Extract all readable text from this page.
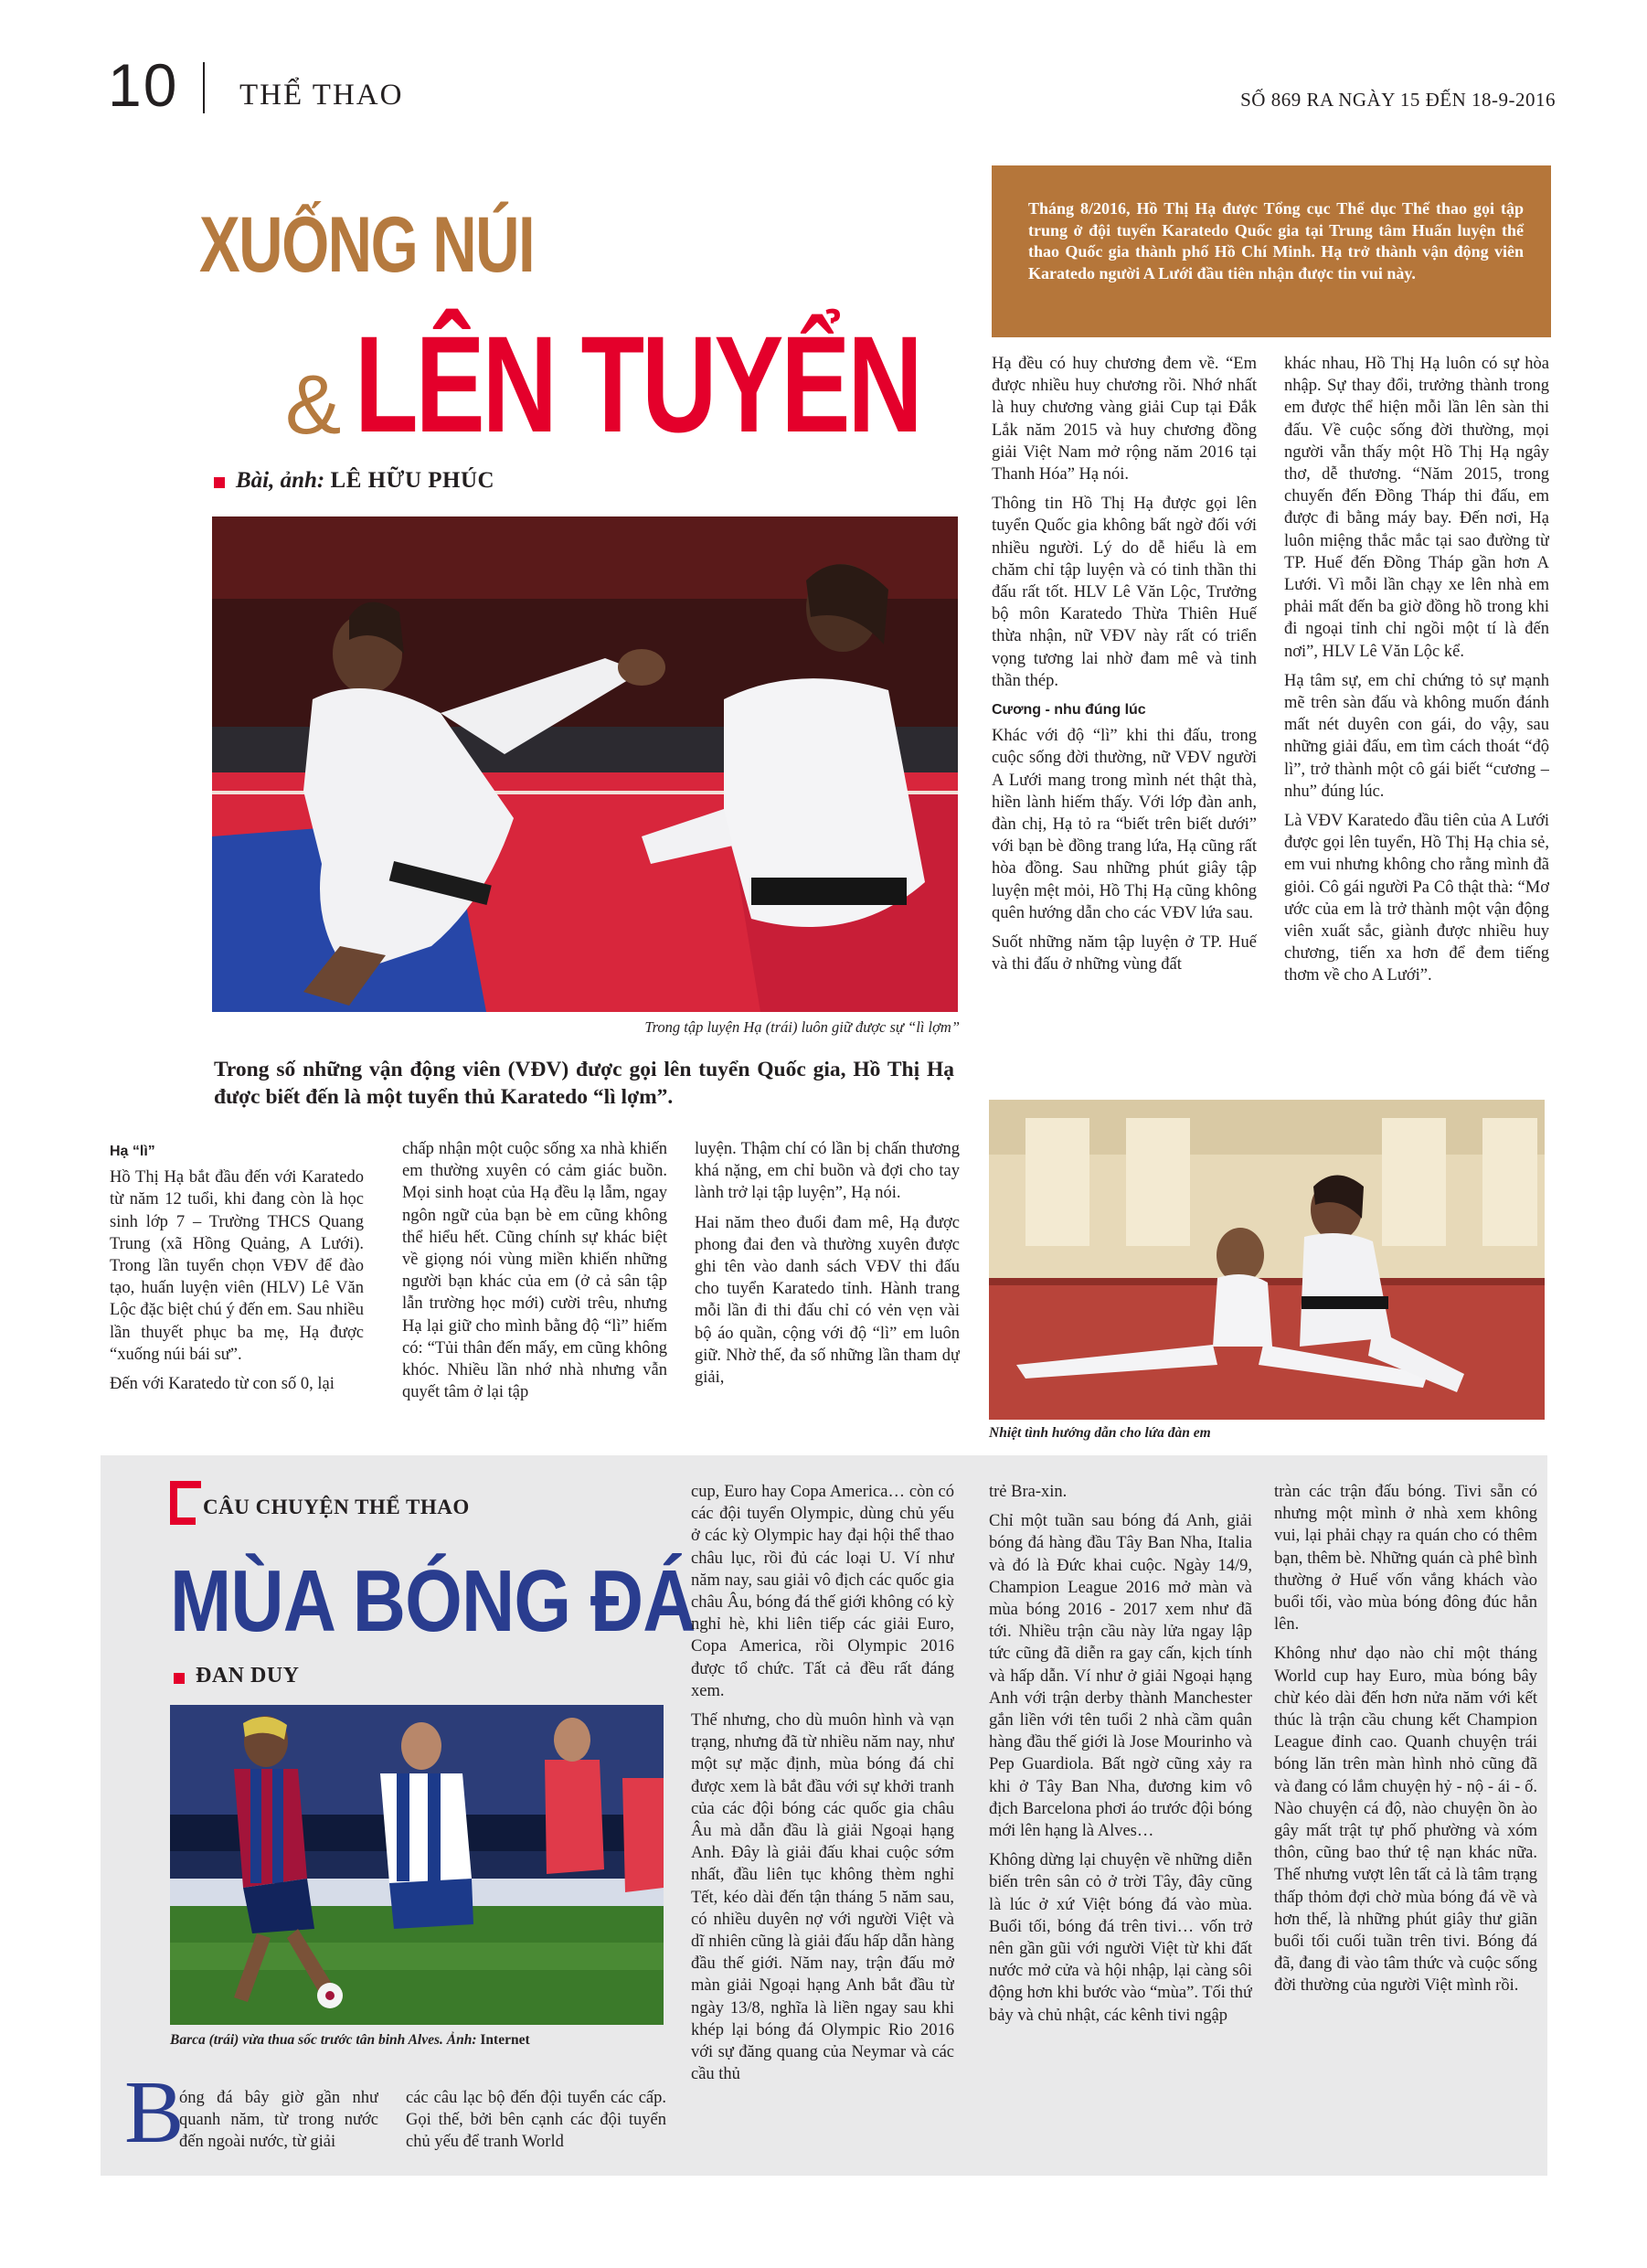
10 THỂ THAO	SỐ 869 RA NGÀY 15 ĐẾN 18-9-2016
XUỐNG NÚI
& LÊN TUYỂN
Bài, ảnh: LÊ HỮU PHÚC
Tháng 8/2016, Hồ Thị Hạ được Tổng cục Thể dục Thể thao gọi tập trung ở đội tuyển Karatedo Quốc gia tại Trung tâm Huấn luyện thể thao Quốc gia thành phố Hồ Chí Minh. Hạ trở thành vận động viên Karatedo người A Lưới đầu tiên nhận được tin vui này.
Trong tập luyện Hạ (trái) luôn giữ được sự “lì lợm”
Trong số những vận động viên (VĐV) được gọi lên tuyển Quốc gia, Hồ Thị Hạ được biết đến là một tuyển thủ Karatedo “lì lợm”.
Hạ “lì”

Hồ Thị Hạ bắt đầu đến với Karatedo từ năm 12 tuổi, khi đang còn là học sinh lớp 7 – Trường THCS Quang Trung (xã Hồng Quảng, A Lưới). Trong lần tuyển chọn VĐV để đào tạo, huấn luyện viên (HLV) Lê Văn Lộc đặc biệt chú ý đến em. Sau nhiều lần thuyết phục ba mẹ, Hạ được “xuống núi bái sư”.

Đến với Karatedo từ con số 0, lại

chấp nhận một cuộc sống xa nhà khiến em thường xuyên có cảm giác buồn. Mọi sinh hoạt của Hạ đều lạ lẫm, ngay ngôn ngữ của bạn bè em cũng không thể hiểu hết. Cũng chính sự khác biệt về giọng nói vùng miền khiến những người bạn khác của em (ở cả sân tập lẫn trường học mới) cười trêu, nhưng Hạ lại giữ cho mình bằng độ “lì” hiếm có: “Tủi thân đến mấy, em cũng không khóc. Nhiều lần nhớ nhà nhưng vẫn quyết tâm ở lại tập

luyện. Thậm chí có lần bị chấn thương khá nặng, em chỉ buồn và đợi cho tay lành trở lại tập luyện”, Hạ nói.

Hai năm theo đuổi đam mê, Hạ được phong đai đen và thường xuyên được ghi tên vào danh sách VĐV thi đấu cho tuyển Karatedo tỉnh. Hành trang mỗi lần đi thi đấu chỉ có vẻn vẹn vài bộ áo quần, cộng với độ “lì” em luôn giữ. Nhờ thế, đa số những lần tham dự giải,

Hạ đều có huy chương đem về. “Em được nhiều huy chương rồi. Nhớ nhất là huy chương vàng giải Cup tại Đắk Lắk năm 2015 và huy chương đồng giải Việt Nam mở rộng năm 2016 tại Thanh Hóa” Hạ nói.

Thông tin Hồ Thị Hạ được gọi lên tuyển Quốc gia không bất ngờ đối với nhiều người. Lý do dễ hiểu là em chăm chỉ tập luyện và có tinh thần thi đấu rất tốt. HLV Lê Văn Lộc, Trưởng bộ môn Karatedo Thừa Thiên Huế thừa nhận, nữ VĐV này rất có triển vọng tương lai nhờ đam mê và tinh thần thép.

Cương - nhu đúng lúc

Khác với độ “lì” khi thi đấu, trong cuộc sống đời thường, nữ VĐV người A Lưới mang trong mình nét thật thà, hiền lành hiếm thấy. Với lớp đàn anh, đàn chị, Hạ tỏ ra “biết trên biết dưới” với bạn bè đồng trang lứa, Hạ cũng rất hòa đồng. Sau những phút giây tập luyện mệt mỏi, Hồ Thị Hạ cũng không quên hướng dẫn cho các VĐV lứa sau.

Suốt những năm tập luyện ở TP. Huế và thi đấu ở những vùng đất

khác nhau, Hồ Thị Hạ luôn có sự hòa nhập. Sự thay đổi, trưởng thành trong em được thể hiện mỗi lần lên sàn thi đấu. Về cuộc sống đời thường, mọi người vẫn thấy một Hồ Thị Hạ ngây thơ, dễ thương. “Năm 2015, trong chuyến đến Đồng Tháp thi đấu, em được đi bằng máy bay. Đến nơi, Hạ luôn miệng thắc mắc tại sao đường từ TP. Huế đến Đồng Tháp gần hơn A Lưới. Vì mỗi lần chạy xe lên nhà em phải mất đến ba giờ đồng hồ trong khi đi ngoại tỉnh chỉ ngồi một tí là đến nơi”, HLV Lê Văn Lộc kể.

Hạ tâm sự, em chỉ chứng tỏ sự mạnh mẽ trên sàn đấu và không muốn đánh mất nét duyên con gái, do vậy, sau những giải đấu, em tìm cách thoát “độ lì”, trở thành một cô gái biết “cương – nhu” đúng lúc.

Là VĐV Karatedo đầu tiên của A Lưới được gọi lên tuyển, Hồ Thị Hạ chia sẻ, em vui nhưng không cho rằng mình đã giỏi. Cô gái người Pa Cô thật thà: “Mơ ước của em là trở thành một vận động viên xuất sắc, giành được nhiều huy chương, tiến xa hơn để đem tiếng thơm về cho A Lưới”.

Nhiệt tình hướng dẫn cho lứa đàn em
CÂU CHUYỆN THỂ THAO
MÙA BÓNG ĐÁ
ĐAN DUY
Barca (trái) vừa thua sốc trước tân binh Alves. Ảnh: Internet
B
óng đá bây giờ gần như quanh năm, từ trong nước đến ngoài nước, từ giải
các câu lạc bộ đến đội tuyển các cấp. Gọi thế, bởi bên cạnh các đội tuyển chủ yếu để tranh World

cup, Euro hay Copa America… còn có các đội tuyển Olympic, dùng chủ yếu ở các kỳ Olympic hay đại hội thể thao châu lục, rồi đủ các loại U. Ví như năm nay, sau giải vô địch các quốc gia châu Âu, bóng đá thế giới không có kỳ nghỉ hè, khi liên tiếp các giải Euro, Copa America, rồi Olympic 2016 được tổ chức. Tất cả đều rất đáng xem.

Thế nhưng, cho dù muôn hình và vạn trạng, nhưng đã từ nhiều năm nay, như một sự mặc định, mùa bóng đá chỉ được xem là bắt đầu với sự khởi tranh của các đội bóng các quốc gia châu Âu mà dẫn đầu là giải Ngoại hạng Anh. Đây là giải đấu khai cuộc sớm nhất, đầu liên tục không thèm nghỉ Tết, kéo dài đến tận tháng 5 năm sau, có nhiều duyên nợ với người Việt và dĩ nhiên cũng là giải đấu hấp dẫn hàng đầu thế giới. Năm nay, trận đấu mở màn giải Ngoại hạng Anh bắt đầu từ ngày 13/8, nghĩa là liền ngay sau khi khép lại bóng đá Olympic Rio 2016 với sự đăng quang của Neymar và các cầu thủ

trẻ Bra-xin.

Chỉ một tuần sau bóng đá Anh, giải bóng đá hàng đầu Tây Ban Nha, Italia và đó là Đức khai cuộc. Ngày 14/9, Champion League 2016 mở màn và mùa bóng 2016 - 2017 xem như đã tới. Nhiều trận cầu này lửa ngay lập tức cũng đã diễn ra gay cấn, kịch tính và hấp dẫn. Ví như ở giải Ngoại hạng Anh với trận derby thành Manchester gắn liền với tên tuổi 2 nhà cầm quân hàng đầu thế giới là Jose Mourinho và Pep Guardiola. Bất ngờ cũng xảy ra khi ở Tây Ban Nha, đương kim vô địch Barcelona phơi áo trước đội bóng mới lên hạng là Alves…

Không dừng lại chuyện về những diễn biến trên sân cỏ ở trời Tây, đây cũng là lúc ở xứ Việt bóng đá vào mùa. Buổi tối, bóng đá trên tivi… vốn trở nên gần gũi với người Việt từ khi đất nước mở cửa và hội nhập, lại càng sôi động hơn khi bước vào “mùa”. Tối thứ bảy và chủ nhật, các kênh tivi ngập

tràn các trận đấu bóng. Tivi sẵn có nhưng một mình ở nhà xem không vui, lại phải chạy ra quán cho có thêm bạn, thêm bè. Những quán cà phê bình thường ở Huế vốn vắng khách vào buổi tối, vào mùa bóng đông đúc hẳn lên.

Không như dạo nào chỉ một tháng World cup hay Euro, mùa bóng bây chừ kéo dài đến hơn nửa năm với kết thúc là trận cầu chung kết Champion League đỉnh cao. Quanh chuyện trái bóng lăn trên màn hình nhỏ cũng đã và đang có lắm chuyện hỷ - nộ - ái - ố. Nào chuyện cá độ, nào chuyện ồn ào gây mất trật tự phố phường và xóm thôn, cũng bao thứ tệ nạn khác nữa. Thế nhưng vượt lên tất cả là tâm trạng thấp thỏm đợi chờ mùa bóng đá về và hơn thế, là những phút giây thư giãn buổi tối cuối tuần trên tivi. Bóng đá đã, đang đi vào tâm thức và cuộc sống đời thường của người Việt mình rồi.
